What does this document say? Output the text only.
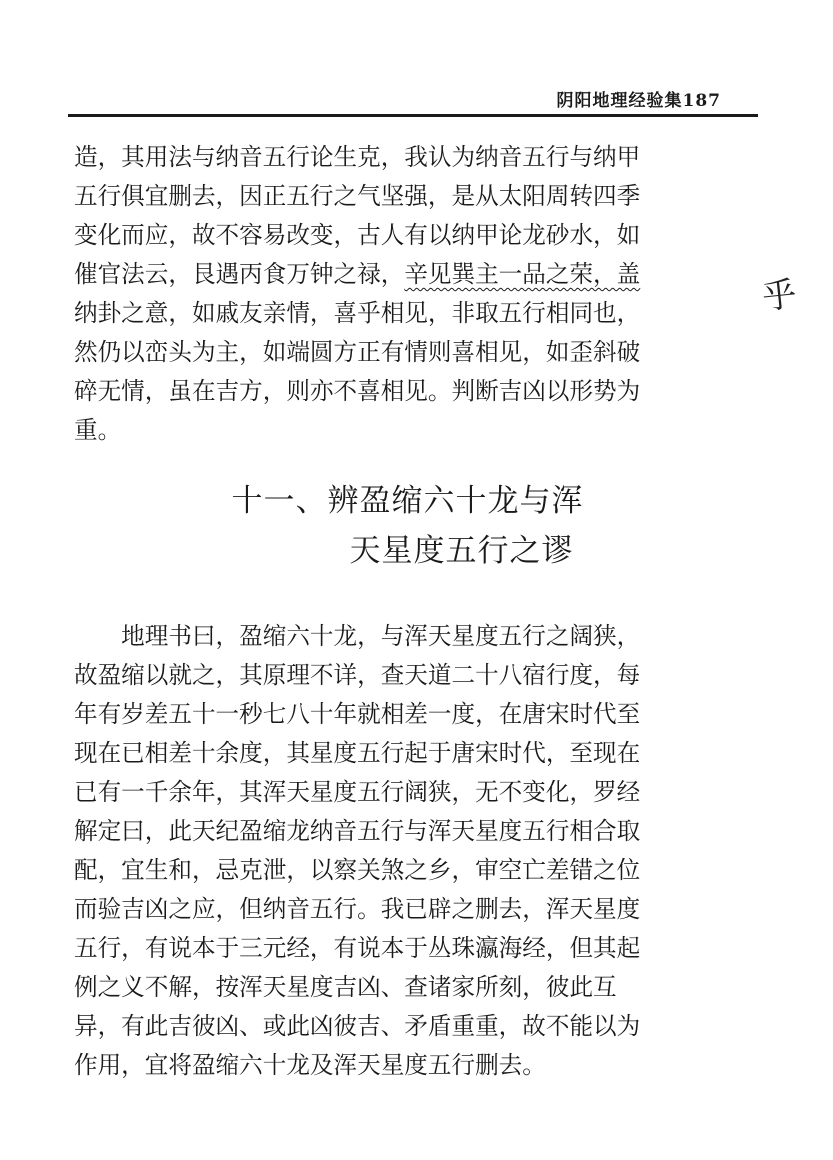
阴阳地理经验集187

造，其用法与纳音五行论生克，我认为纳音五行与纳甲
五行俱宜删去，因正五行之气坚强，是从太阳周转四季
变化而应，故不容易改变，古人有以纳甲论龙砂水，如
催官法云，艮遇丙食万钟之禄，辛见巽主一品之荣，盖
纳卦之意，如戚友亲情，喜乎相见，非取五行相同也，
然仍以峦头为主，如端圆方正有情则喜相见，如歪斜破
碎无情，虽在吉方，则亦不喜相见。判断吉凶以形势为
重。

乎
十一、辨盈缩六十龙与浑
天星度五行之谬

　　地理书曰，盈缩六十龙，与浑天星度五行之阔狭，
故盈缩以就之，其原理不详，查天道二十八宿行度，每
年有岁差五十一秒七八十年就相差一度，在唐宋时代至
现在已相差十余度，其星度五行起于唐宋时代，至现在
已有一千余年，其浑天星度五行阔狭，无不变化，罗经
解定曰，此天纪盈缩龙纳音五行与浑天星度五行相合取
配，宜生和，忌克泄，以察关煞之乡，审空亡差错之位
而验吉凶之应，但纳音五行。我已辟之删去，浑天星度
五行，有说本于三元经，有说本于丛珠瀛海经，但其起
例之义不解，按浑天星度吉凶、查诸家所刻，彼此互
异，有此吉彼凶、或此凶彼吉、矛盾重重，故不能以为
作用，宜将盈缩六十龙及浑天星度五行删去。
